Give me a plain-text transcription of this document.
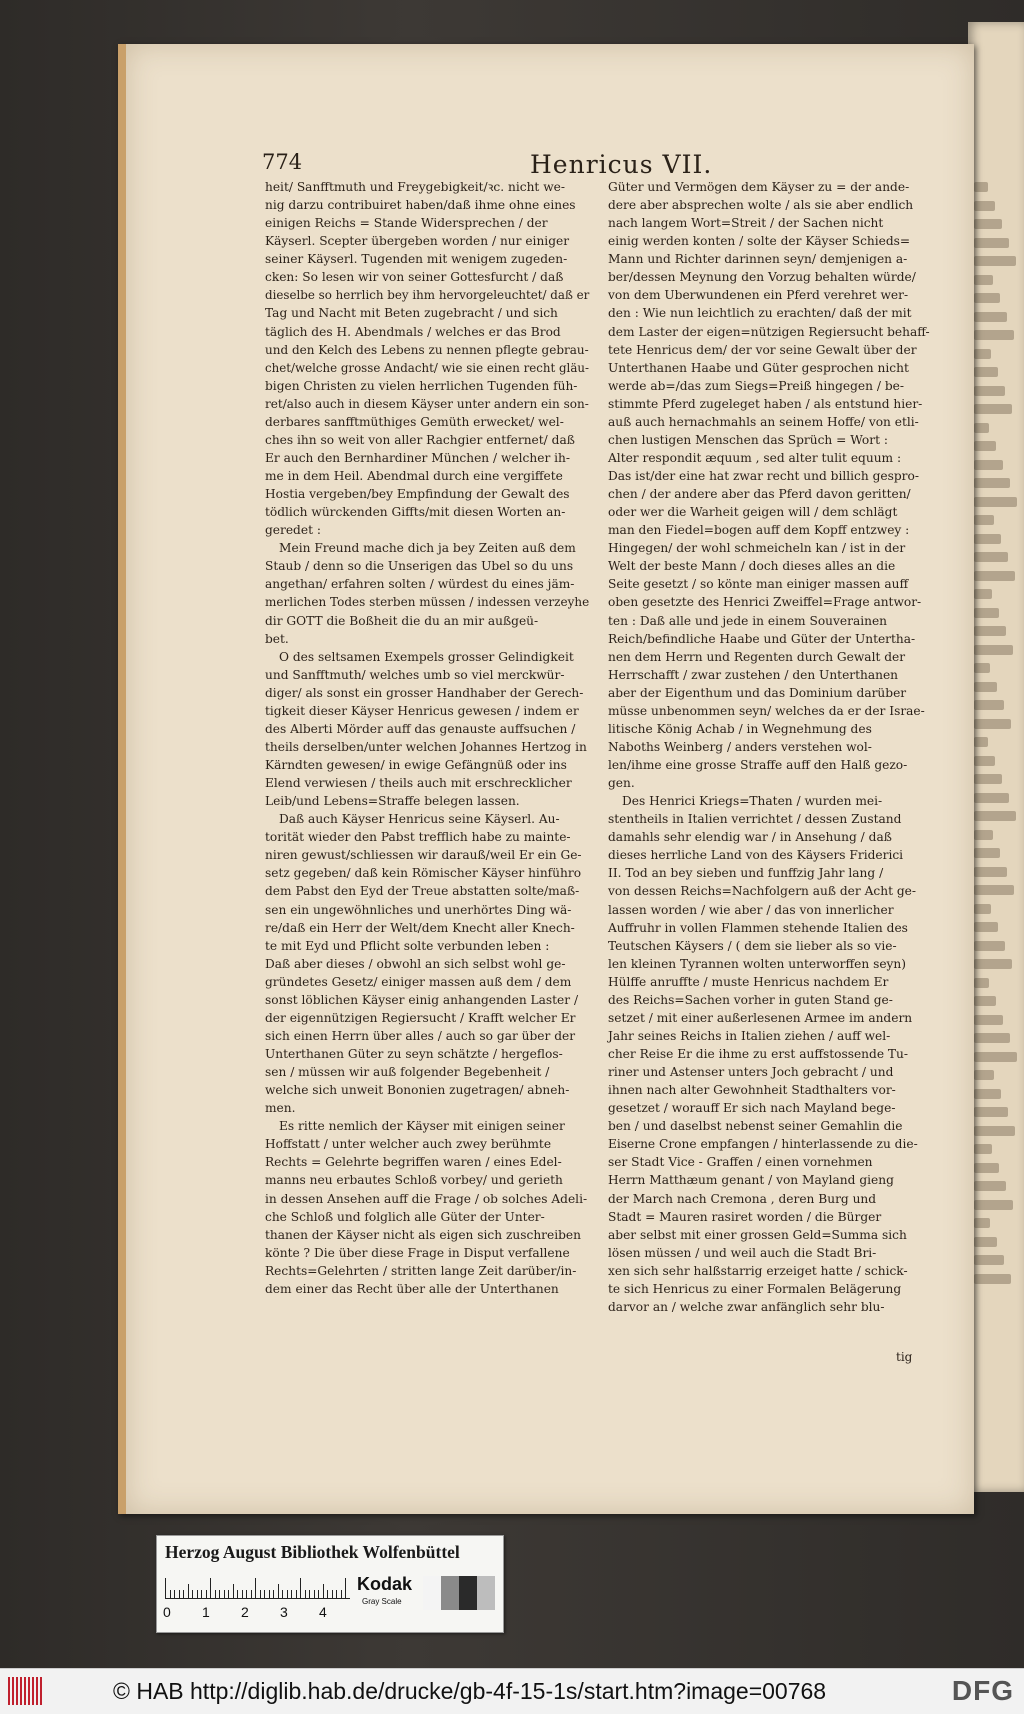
774	Henricus VII.

heit/ Sanfftmuth und Freygebigkeit/ꝛc. nicht we-
nig darzu contribuiret haben/daß ihme ohne eines
einigen Reichs = Stande Widersprechen / der
Käyserl. Scepter übergeben worden / nur einiger
seiner Käyserl. Tugenden mit wenigem zugeden-
cken: So lesen wir von seiner Gottesfurcht / daß
dieselbe so herrlich bey ihm hervorgeleuchtet/ daß er
Tag und Nacht mit Beten zugebracht / und sich
täglich des H. Abendmals / welches er das Brod
und den Kelch des Lebens zu nennen pflegte gebrau-
chet/welche grosse Andacht/ wie sie einen recht gläu-
bigen Christen zu vielen herrlichen Tugenden füh-
ret/also auch in diesem Käyser unter andern ein son-
derbares sanfftmüthiges Gemüth erwecket/ wel-
ches ihn so weit von aller Rachgier entfernet/ daß
Er auch den Bernhardiner München / welcher ih-
me in dem Heil. Abendmal durch eine vergiffete
Hostia vergeben/bey Empfindung der Gewalt des
tödlich würckenden Giffts/mit diesen Worten an-
geredet :

Mein Freund mache dich ja bey Zeiten auß dem
Staub / denn so die Unserigen das Ubel so du uns
angethan/ erfahren solten / würdest du eines jäm-
merlichen Todes sterben müssen / indessen verzeyhe
dir GOTT die Boßheit die du an mir außgeü-
bet.

O des seltsamen Exempels grosser Gelindigkeit
und Sanfftmuth/ welches umb so viel merckwür-
diger/ als sonst ein grosser Handhaber der Gerech-
tigkeit dieser Käyser Henricus gewesen / indem er
des Alberti Mörder auff das genauste auffsuchen /
theils derselben/unter welchen Johannes Hertzog in
Kärndten gewesen/ in ewige Gefängnüß oder ins
Elend verwiesen / theils auch mit erschrecklicher
Leib/und Lebens=Straffe belegen lassen.

Daß auch Käyser Henricus seine Käyserl. Au-
torität wieder den Pabst trefflich habe zu mainte-
niren gewust/schliessen wir darauß/weil Er ein Ge-
setz gegeben/ daß kein Römischer Käyser hinführo
dem Pabst den Eyd der Treue abstatten solte/maß-
sen ein ungewöhnliches und unerhörtes Ding wä-
re/daß ein Herr der Welt/dem Knecht aller Knech-
te mit Eyd und Pflicht solte verbunden leben :
Daß aber dieses / obwohl an sich selbst wohl ge-
gründetes Gesetz/ einiger massen auß dem / dem
sonst löblichen Käyser einig anhangenden Laster /
der eigennützigen Regiersucht / Krafft welcher Er
sich einen Herrn über alles / auch so gar über der
Unterthanen Güter zu seyn schätzte / hergeflos-
sen / müssen wir auß folgender Begebenheit /
welche sich unweit Bononien zugetragen/ abneh-
men.

Es ritte nemlich der Käyser mit einigen seiner
Hoffstatt / unter welcher auch zwey berühmte
Rechts = Gelehrte begriffen waren / eines Edel-
manns neu erbautes Schloß vorbey/ und gerieth
in dessen Ansehen auff die Frage / ob solches Adeli-
che Schloß und folglich alle Güter der Unter-
thanen der Käyser nicht als eigen sich zuschreiben
könte ? Die über diese Frage in Disput verfallene
Rechts=Gelehrten / stritten lange Zeit darüber/in-
dem einer das Recht über alle der Unterthanen

Güter und Vermögen dem Käyser zu = der ande-
dere aber absprechen wolte / als sie aber endlich
nach langem Wort=Streit / der Sachen nicht
einig werden konten / solte der Käyser Schieds=
Mann und Richter darinnen seyn/ demjenigen a-
ber/dessen Meynung den Vorzug behalten würde/
von dem Uberwundenen ein Pferd verehret wer-
den : Wie nun leichtlich zu erachten/ daß der mit
dem Laster der eigen=nützigen Regiersucht behaff-
tete Henricus dem/ der vor seine Gewalt über der
Unterthanen Haabe und Güter gesprochen nicht
werde ab=/das zum Siegs=Preiß hingegen / be-
stimmte Pferd zugeleget haben / als entstund hier-
auß auch hernachmahls an seinem Hoffe/ von etli-
chen lustigen Menschen das Sprüch = Wort :
Alter respondit æquum , sed alter tulit equum :
Das ist/der eine hat zwar recht und billich gespro-
chen / der andere aber das Pferd davon geritten/
oder wer die Warheit geigen will / dem schlägt
man den Fiedel=bogen auff dem Kopff entzwey :
Hingegen/ der wohl schmeicheln kan / ist in der
Welt der beste Mann / doch dieses alles an die
Seite gesetzt / so könte man einiger massen auff
oben gesetzte des Henrici Zweiffel=Frage antwor-
ten : Daß alle und jede in einem Souverainen
Reich/befindliche Haabe und Güter der Untertha-
nen dem Herrn und Regenten durch Gewalt der
Herrschafft / zwar zustehen / den Unterthanen
aber der Eigenthum und das Dominium darüber
müsse unbenommen seyn/ welches da er der Israe-
litische König Achab / in Wegnehmung des
Naboths Weinberg / anders verstehen wol-
len/ihme eine grosse Straffe auff den Halß gezo-
gen.

Des Henrici Kriegs=Thaten / wurden mei-
stentheils in Italien verrichtet / dessen Zustand
damahls sehr elendig war / in Ansehung / daß
dieses herrliche Land von des Käysers Friderici
II. Tod an bey sieben und funffzig Jahr lang /
von dessen Reichs=Nachfolgern auß der Acht ge-
lassen worden / wie aber / das von innerlicher
Auffruhr in vollen Flammen stehende Italien des
Teutschen Käysers / ( dem sie lieber als so vie-
len kleinen Tyrannen wolten unterworffen seyn)
Hülffe anruffte / muste Henricus nachdem Er
des Reichs=Sachen vorher in guten Stand ge-
setzet / mit einer außerlesenen Armee im andern
Jahr seines Reichs in Italien ziehen / auff wel-
cher Reise Er die ihme zu erst auffstossende Tu-
riner und Astenser unters Joch gebracht / und
ihnen nach alter Gewohnheit Stadthalters vor-
gesetzet / worauff Er sich nach Mayland bege-
ben / und daselbst nebenst seiner Gemahlin die
Eiserne Crone empfangen / hinterlassende zu die-
ser Stadt Vice - Graffen / einen vornehmen
Herrn Matthæum genant / von Mayland gieng
der March nach Cremona , deren Burg und
Stadt = Mauren rasiret worden / die Bürger
aber selbst mit einer grossen Geld=Summa sich
lösen müssen / und weil auch die Stadt Bri-
xen sich sehr halßstarrig erzeiget hatte / schick-
te sich Henricus zu einer Formalen Belägerung
darvor an / welche zwar anfänglich sehr blu-

tig
Herzog August Bibliothek Wolfenbüttel
0 1 2 3 4
Kodak
Gray Scale
© HAB http://diglib.hab.de/drucke/gb-4f-15-1s/start.htm?image=00768	DFG
